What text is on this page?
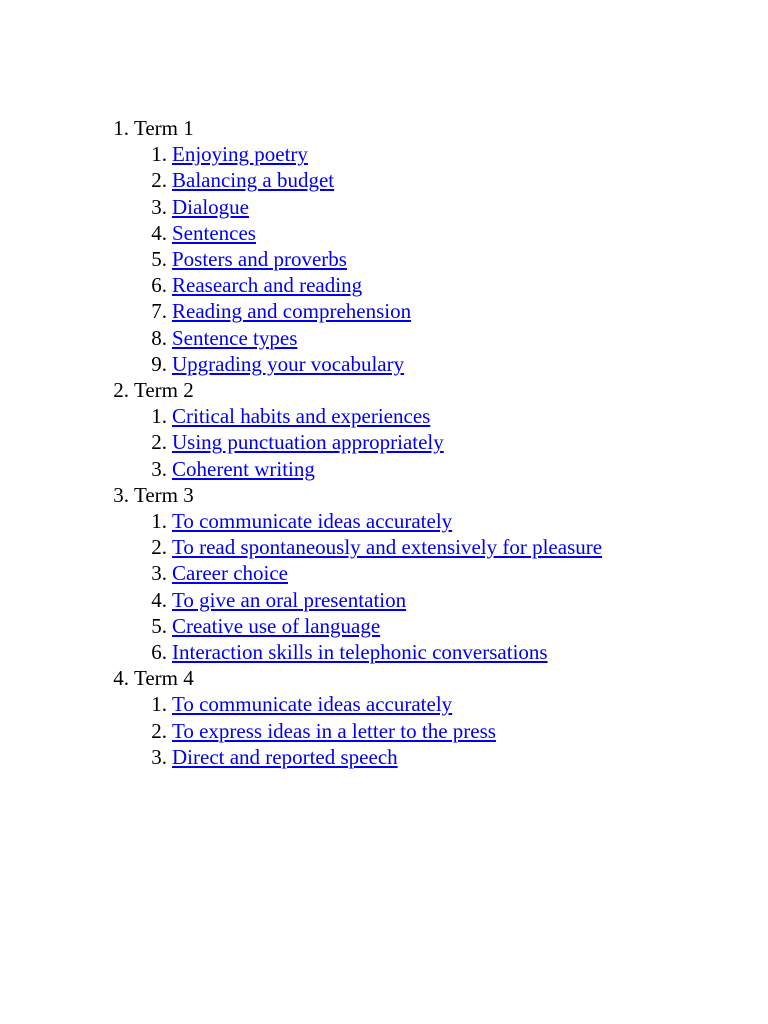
1. Term 1
1. Enjoying poetry
2. Balancing a budget
3. Dialogue
4. Sentences
5. Posters and proverbs
6. Reasearch and reading
7. Reading and comprehension
8. Sentence types
9. Upgrading your vocabulary
2. Term 2
1. Critical habits and experiences
2. Using punctuation appropriately
3. Coherent writing
3. Term 3
1. To communicate ideas accurately
2. To read spontaneously and extensively for pleasure
3. Career choice
4. To give an oral presentation
5. Creative use of language
6. Interaction skills in telephonic conversations
4. Term 4
1. To communicate ideas accurately
2. To express ideas in a letter to the press
3. Direct and reported speech
